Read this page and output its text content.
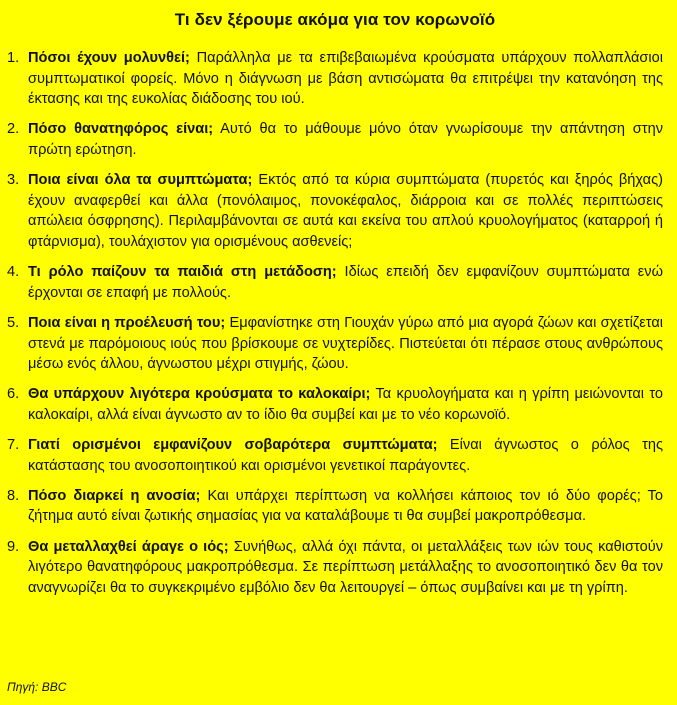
Τι δεν ξέρουμε ακόμα για τον κορωνοϊό
1. Πόσοι έχουν μολυνθεί; Παράλληλα με τα επιβεβαιωμένα κρούσματα υπάρχουν πολλαπλάσιοι συμπτωματικοί φορείς. Μόνο η διάγνωση με βάση αντισώματα θα επιτρέψει την κατανόηση της έκτασης και της ευκολίας διάδοσης του ιού.
2. Πόσο θανατηφόρος είναι; Αυτό θα το μάθουμε μόνο όταν γνωρίσουμε την απάντηση στην πρώτη ερώτηση.
3. Ποια είναι όλα τα συμπτώματα; Εκτός από τα κύρια συμπτώματα (πυρετός και ξηρός βήχας) έχουν αναφερθεί και άλλα (πονόλαιμος, πονοκέφαλος, διάρροια και σε πολλές περιπτώσεις απώλεια όσφρησης). Περιλαμβάνονται σε αυτά και εκείνα του απλού κρυολογήματος (καταρροή ή φτάρνισμα), τουλάχιστον για ορισμένους ασθενείς;
4. Τι ρόλο παίζουν τα παιδιά στη μετάδοση; Ιδίως επειδή δεν εμφανίζουν συμπτώματα ενώ έρχονται σε επαφή με πολλούς.
5. Ποια είναι η προέλευσή του; Εμφανίστηκε στη Γιουχάν γύρω από μια αγορά ζώων και σχετίζεται στενά με παρόμοιους ιούς που βρίσκουμε σε νυχτερίδες. Πιστεύεται ότι πέρασε στους ανθρώπους μέσω ενός άλλου, άγνωστου μέχρι στιγμής, ζώου.
6. Θα υπάρχουν λιγότερα κρούσματα το καλοκαίρι; Τα κρυολογήματα και η γρίπη μειώνονται το καλοκαίρι, αλλά είναι άγνωστο αν το ίδιο θα συμβεί και με το νέο κορωνοϊό.
7. Γιατί ορισμένοι εμφανίζουν σοβαρότερα συμπτώματα; Είναι άγνωστος ο ρόλος της κατάστασης του ανοσοποιητικού και ορισμένοι γενετικοί παράγοντες.
8. Πόσο διαρκεί η ανοσία; Και υπάρχει περίπτωση να κολλήσει κάποιος τον ιό δύο φορές; Το ζήτημα αυτό είναι ζωτικής σημασίας για να καταλάβουμε τι θα συμβεί μακροπρόθεσμα.
9. Θα μεταλλαχθεί άραγε ο ιός; Συνήθως, αλλά όχι πάντα, οι μεταλλάξεις των ιών τους καθιστούν λιγότερο θανατηφόρους μακροπρόθεσμα. Σε περίπτωση μετάλλαξης το ανοσοποιητικό δεν θα τον αναγνωρίζει θα το συγκεκριμένο εμβόλιο δεν θα λειτουργεί – όπως συμβαίνει και με τη γρίπη.
Πηγή: BBC
